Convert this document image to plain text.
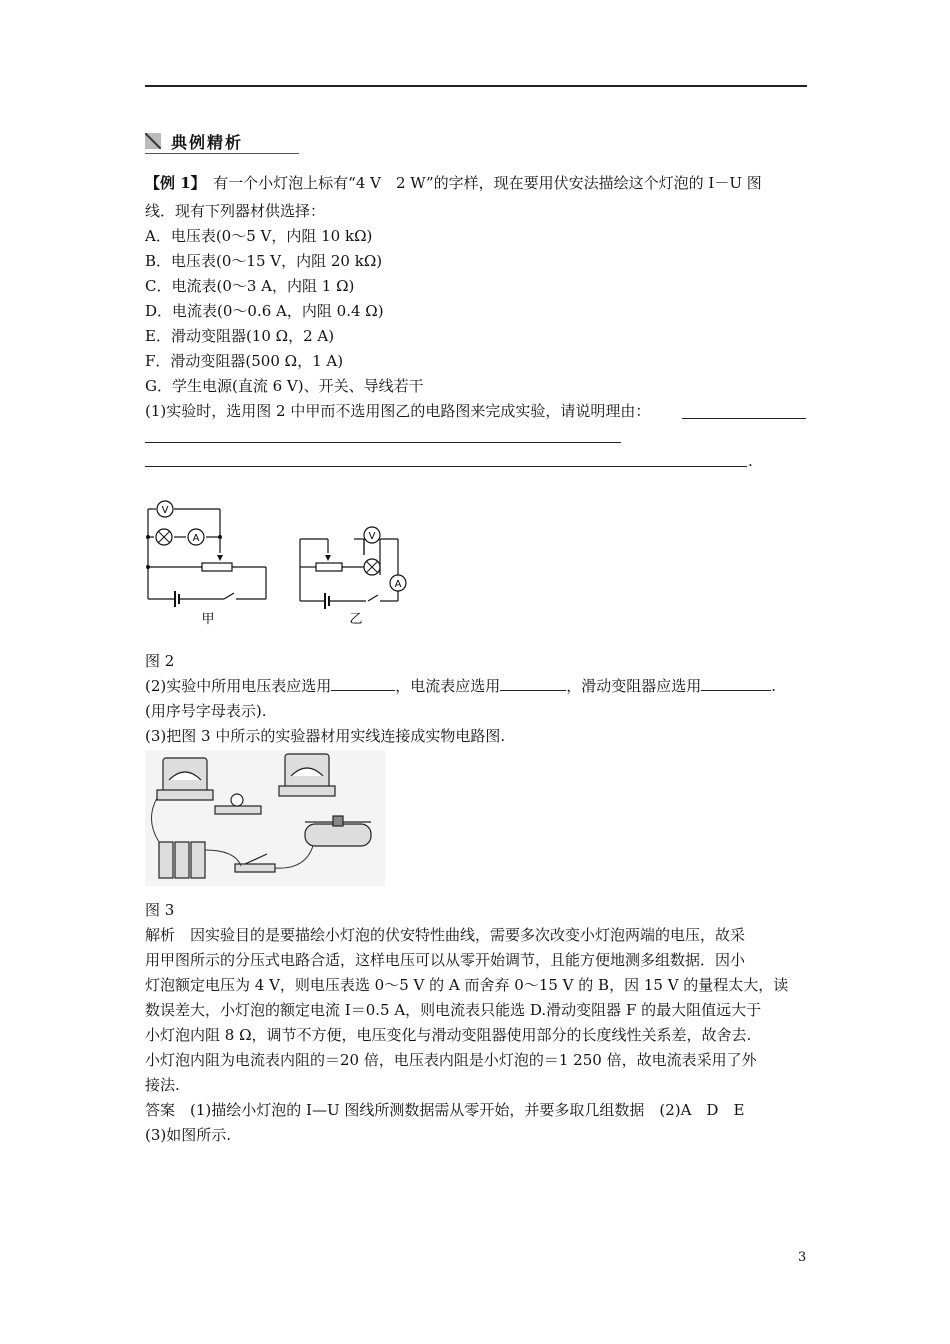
典例精析
【例 1】　有一个小灯泡上标有“4 V　2 W”的字样，现在要用伏安法描绘这个灯泡的 I－U 图
线．现有下列器材供选择：
A．电压表(0～5 V，内阻 10 kΩ)
B．电压表(0～15 V，内阻 20 kΩ)
C．电流表(0～3 A，内阻 1 Ω)
D．电流表(0～0.6 A，内阻 0.4 Ω)
E．滑动变阻器(10 Ω，2 A)
F．滑动变阻器(500 Ω，1 A)
G．学生电源(直流 6 V)、开关、导线若干
(1)实验时，选用图 2 中甲而不选用图乙的电路图来完成实验，请说明理由：
.
V
A
甲
V
A
乙
图 2
(2)实验中所用电压表应选用	，电流表应选用	，滑动变阻器应选用	.
(用序号字母表示).
(3)把图 3 中所示的实验器材用实线连接成实物电路图.
图 3
解析　因实验目的是要描绘小灯泡的伏安特性曲线，需要多次改变小灯泡两端的电压，故采
用甲图所示的分压式电路合适，这样电压可以从零开始调节，且能方便地测多组数据．因小
灯泡额定电压为 4 V，则电压表选 0～5 V 的 A 而舍弃 0～15 V 的 B，因 15 V 的量程太大，读
数误差大，小灯泡的额定电流 I＝0.5 A，则电流表只能选 D.滑动变阻器 F 的最大阻值远大于
小灯泡内阻 8 Ω，调节不方便，电压变化与滑动变阻器使用部分的长度线性关系差，故舍去.
小灯泡内阻为电流表内阻的＝20 倍，电压表内阻是小灯泡的＝1 250 倍，故电流表采用了外
接法.
答案　(1)描绘小灯泡的 I—U 图线所测数据需从零开始，并要多取几组数据　(2)A　D　E
(3)如图所示.
3
